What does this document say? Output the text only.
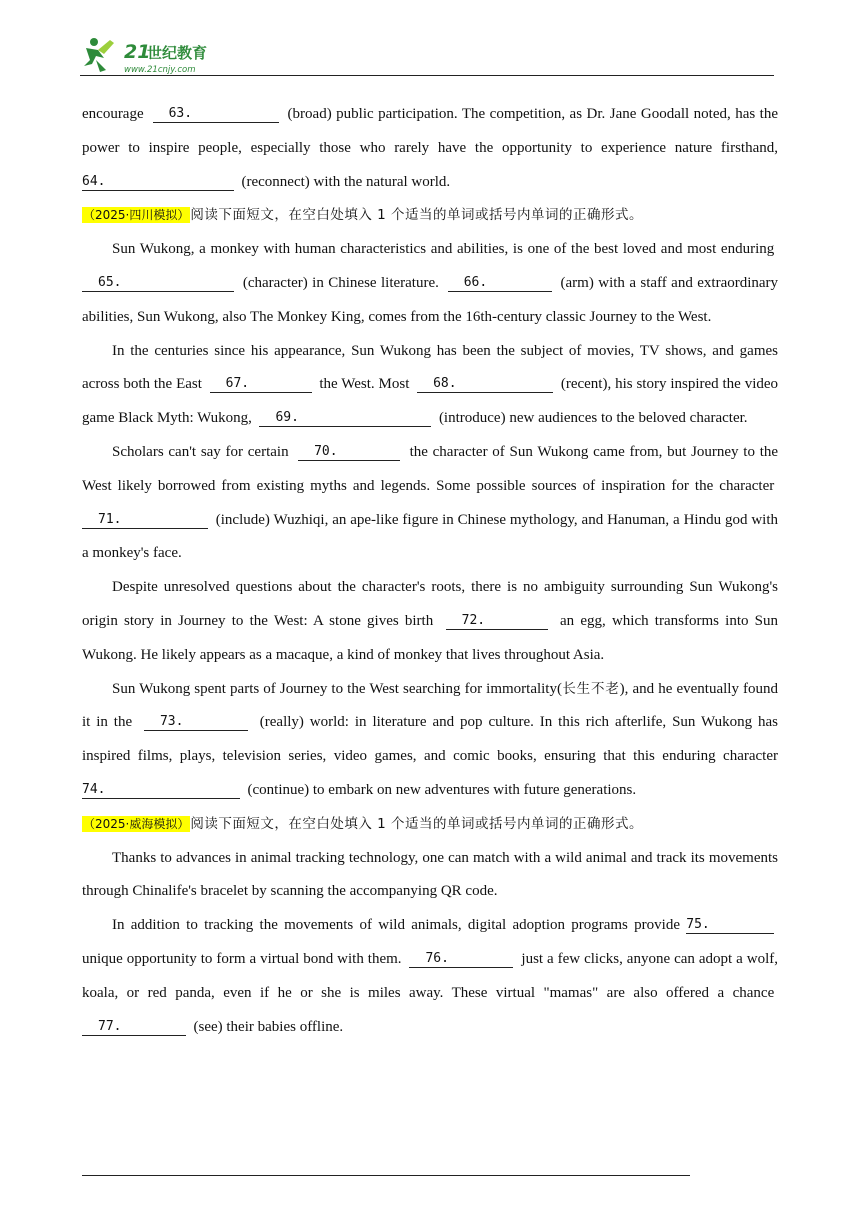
21
世纪教育
www.21cnjy.com

encourage 63.	(broad) public participation. The competition, as Dr. Jane Goodall noted, has the power to inspire people, especially those who rarely have the opportunity to experience nature firsthand, 64.	(reconnect) with the natural world.

（2025·四川模拟）阅读下面短文，在空白处填入 1 个适当的单词或括号内单词的正确形式。

Sun Wukong, a monkey with human characteristics and abilities, is one of the best loved and most enduring  65.	(character) in Chinese literature. 66.	(arm) with a staff and extraordinary abilities, Sun Wukong, also The Monkey King, comes from the 16th-century classic Journey to the West.

In the centuries since his appearance, Sun Wukong has been the subject of movies, TV shows, and games across both the East 67.	the West. Most 68.	(recent), his story inspired the video game Black Myth: Wukong, 69.	(introduce) new audiences to the beloved character.

Scholars can't say for certain 70.	the character of Sun Wukong came from, but Journey to the West likely borrowed from existing myths and legends. Some possible sources of inspiration for the character  71.	(include) Wuzhiqi, an ape-like figure in Chinese mythology, and Hanuman, a Hindu god with a monkey's face.

Despite unresolved questions about the character's roots, there is no ambiguity surrounding Sun Wukong's origin story in Journey to the West: A stone gives birth 72.	an egg, which transforms into Sun Wukong. He likely appears as a macaque, a kind of monkey that lives throughout Asia.

Sun Wukong spent parts of Journey to the West searching for immortality(长生不老), and he eventually found it in the 73.	(really) world: in literature and pop culture. In this rich afterlife, Sun Wukong has inspired films, plays, television series, video games, and comic books, ensuring that this enduring character 74.	(continue) to embark on new adventures with future generations.

（2025·威海模拟）阅读下面短文，在空白处填入 1 个适当的单词或括号内单词的正确形式。

Thanks to advances in animal tracking technology, one can match with a wild animal and track its movements through Chinalife's bracelet by scanning the accompanying QR code.

In addition to tracking the movements of wild animals, digital adoption programs provide 75.  unique opportunity to form a virtual bond with them. 76.	just a few clicks, anyone can adopt a wolf, koala, or red panda, even if he or she is miles away. These virtual "mamas" are also offered a chance  77.	(see) their babies offline.
